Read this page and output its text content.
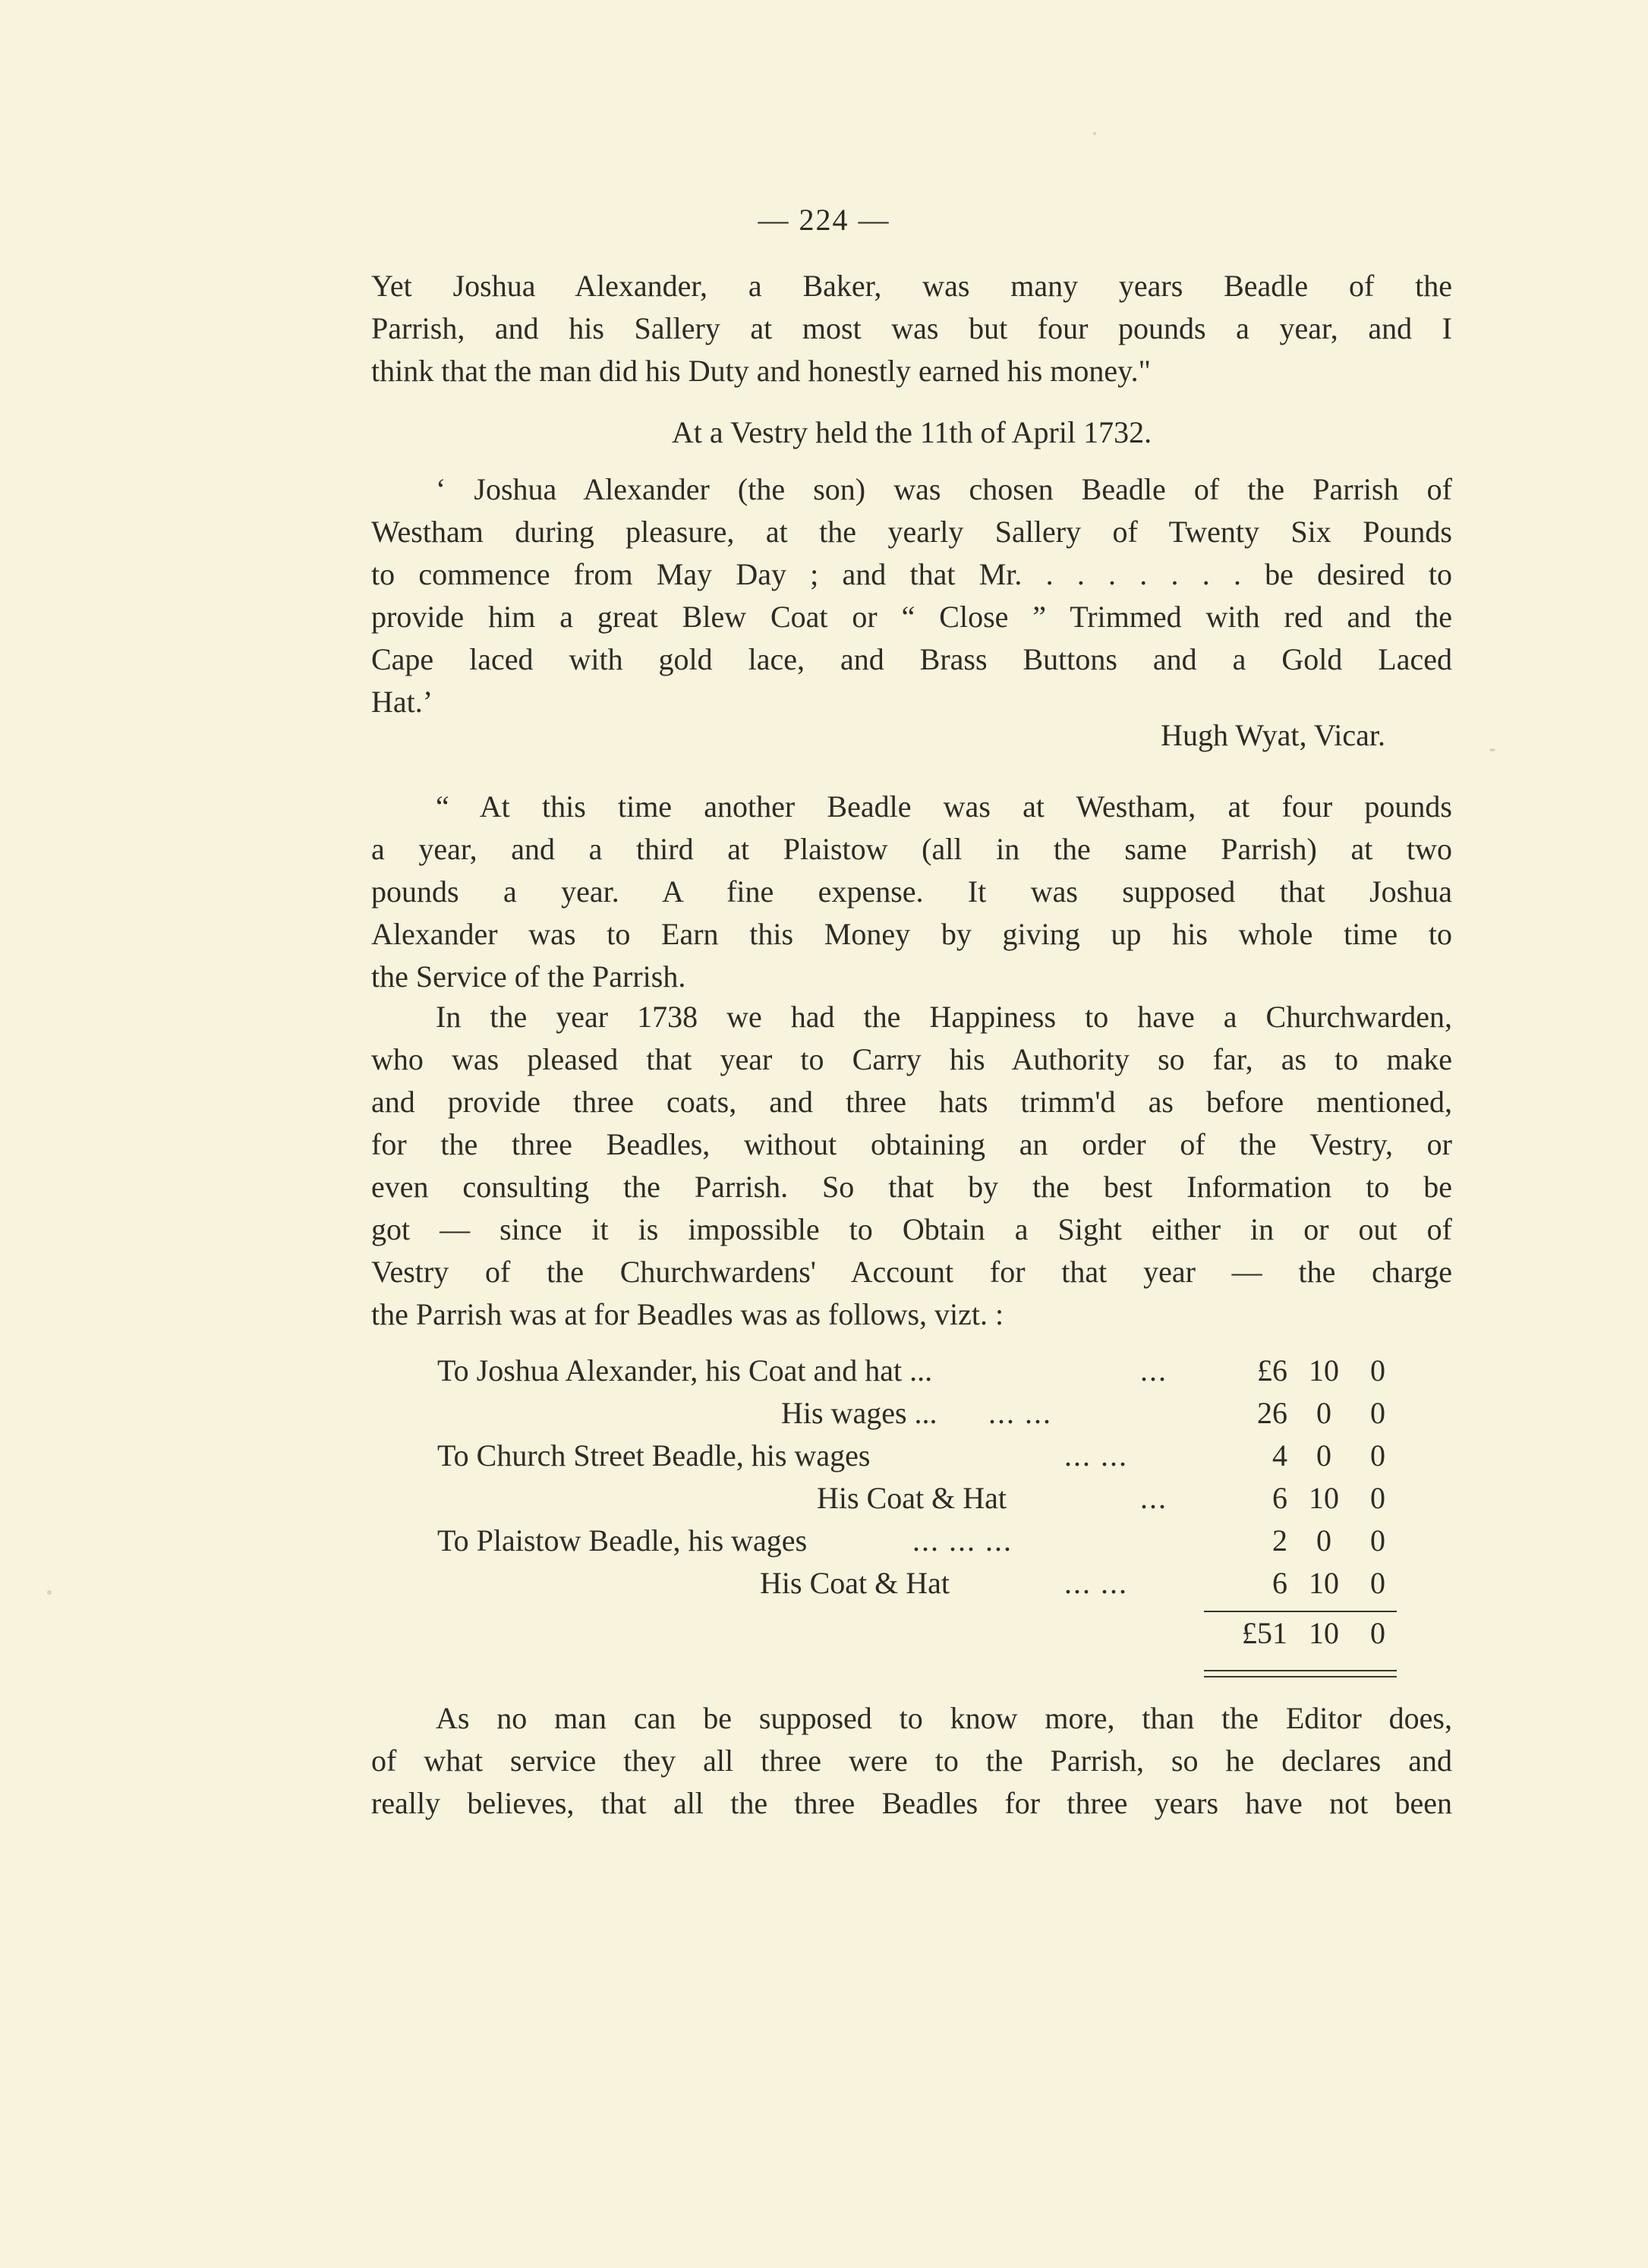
— 224 —
Yet Joshua Alexander, a Baker, was many years Beadle of the
Parrish, and his Sallery at most was but four pounds a year, and I
think that the man did his Duty and honestly earned his money."
At a Vestry held the 11th of April 1732.
‘ Joshua Alexander (the son) was chosen Beadle of the Parrish of
Westham during pleasure, at the yearly Sallery of Twenty Six Pounds
to commence from May Day ; and that Mr. . . . . . . . be desired to
provide him a great Blew Coat or “ Close ” Trimmed with red and the
Cape laced with gold lace, and Brass Buttons and a Gold Laced
Hat.’
Hugh Wyat, Vicar.
“ At this time another Beadle was at Westham, at four pounds
a year, and a third at Plaistow (all in the same Parrish) at two
pounds a year. A fine expense. It was supposed that Joshua
Alexander was to Earn this Money by giving up his whole time to
the Service of the Parrish.
In the year 1738 we had the Happiness to have a Churchwarden,
who was pleased that year to Carry his Authority so far, as to make
and provide three coats, and three hats trimm'd as before mentioned,
for the three Beadles, without obtaining an order of the Vestry, or
even consulting the Parrish. So that by the best Information to be
got — since it is impossible to Obtain a Sight either in or out of
Vestry of the Churchwardens' Account for that year — the charge
the Parrish was at for Beadles was as follows, vizt. :
To Joshua Alexander, his Coat and hat ...	...	£6 10	0
His wages ... ... ...	26 0	0
To Church Street Beadle, his wages	... ...	4 0	0
His Coat & Hat	...	6 10	0
To Plaistow Beadle, his wages	... ... ...	2 0	0
His Coat & Hat	... ...	6 10	0
£51 10	0
As no man can be supposed to know more, than the Editor does,
of what service they all three were to the Parrish, so he declares and
really believes, that all the three Beadles for three years have not been
